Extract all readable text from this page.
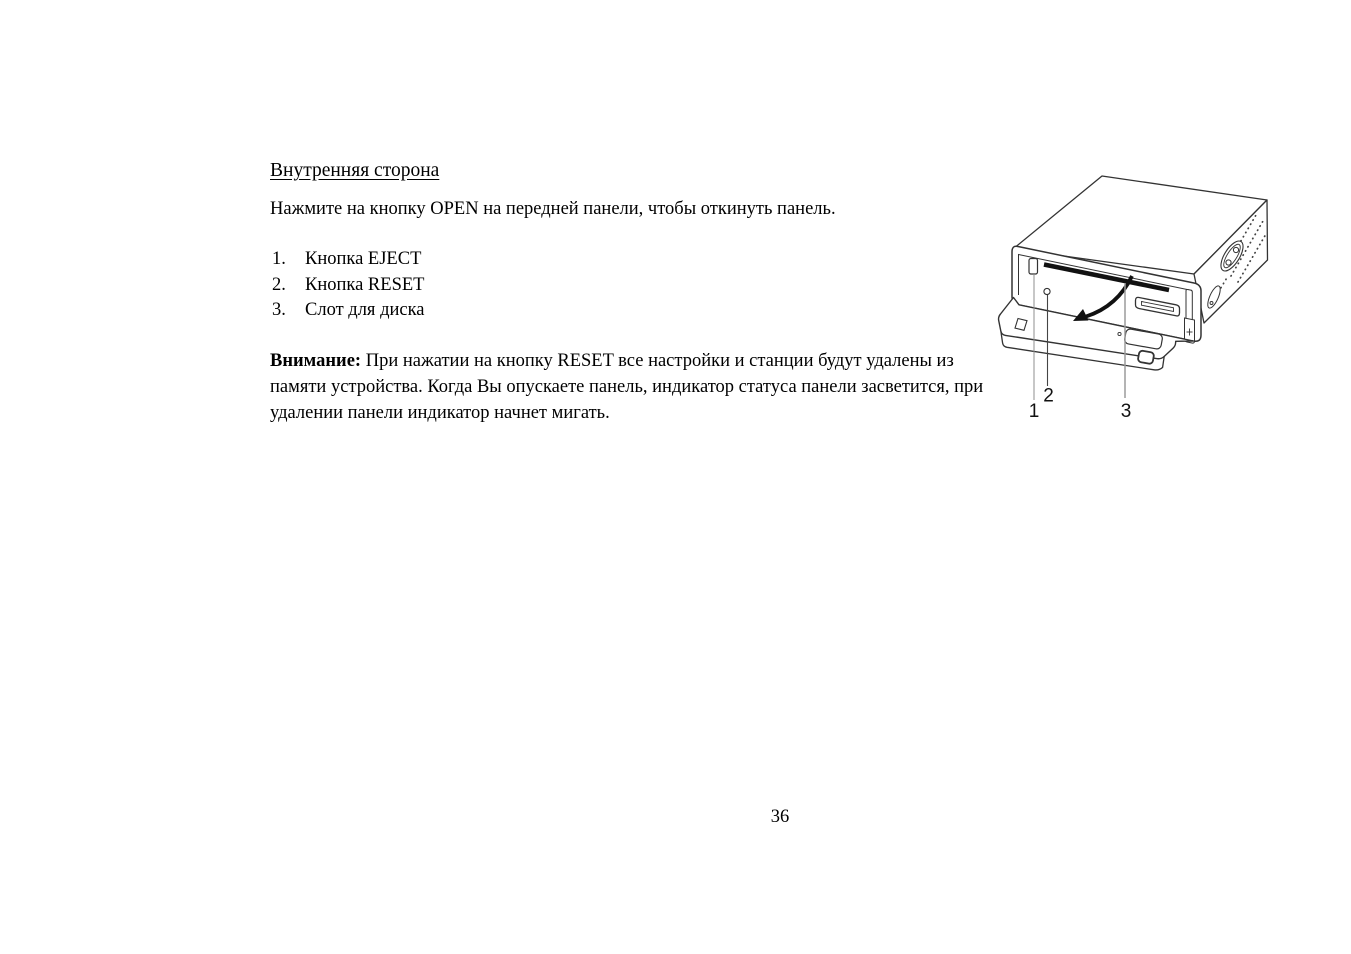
Внутренняя сторона

Нажмите на кнопку OPEN на передней панели, чтобы откинуть панель.

1.	Кнопка EJECT
2.	Кнопка RESET
3.	Слот для диска

Внимание: При нажатии на кнопку RESET все настройки и станции будут удалены из памяти устройства. Когда Вы опускаете панель, индикатор статуса панели засветится, при удалении панели индикатор начнет мигать.	1
2
3
36
